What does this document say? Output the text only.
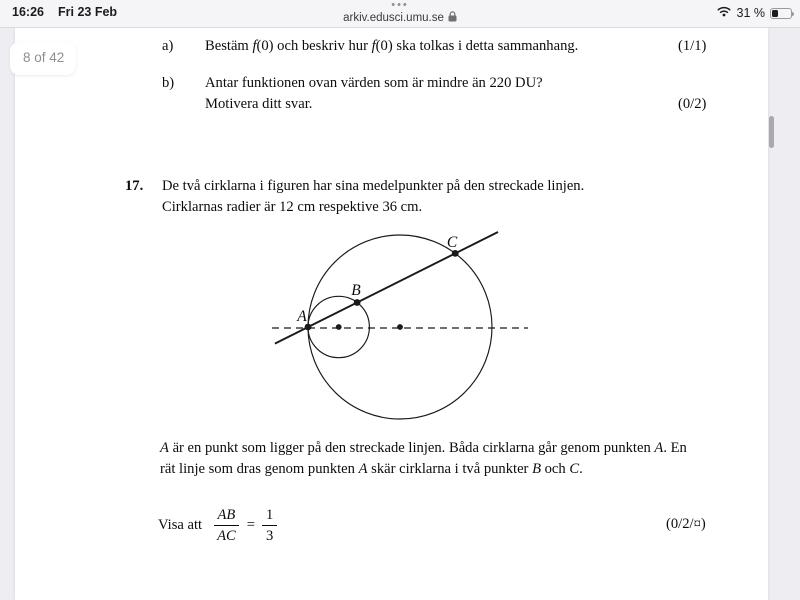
16:26 Fri 23 Feb	•••
arkiv.edusci.umu.se	31 %
8 of 42
a) Bestäm f(0) och beskriv hur f(0) ska tolkas i detta sammanhang.	(1/1)
b) Antar funktionen ovan värden som är mindre än 220 DU?
Motivera ditt svar.	(0/2)
17. De två cirklarna i figuren har sina medelpunkter på den streckade linjen.
Cirklarnas radier är 12 cm respektive 36 cm.
A
B
C
A är en punkt som ligger på den streckade linjen. Båda cirklarna går genom punkten A. En rät linje som dras genom punkten A skär cirklarna i två punkter B och C.
Visa att $\frac{AB}{AC} = \frac{1}{3}$	(0/2/¤)
